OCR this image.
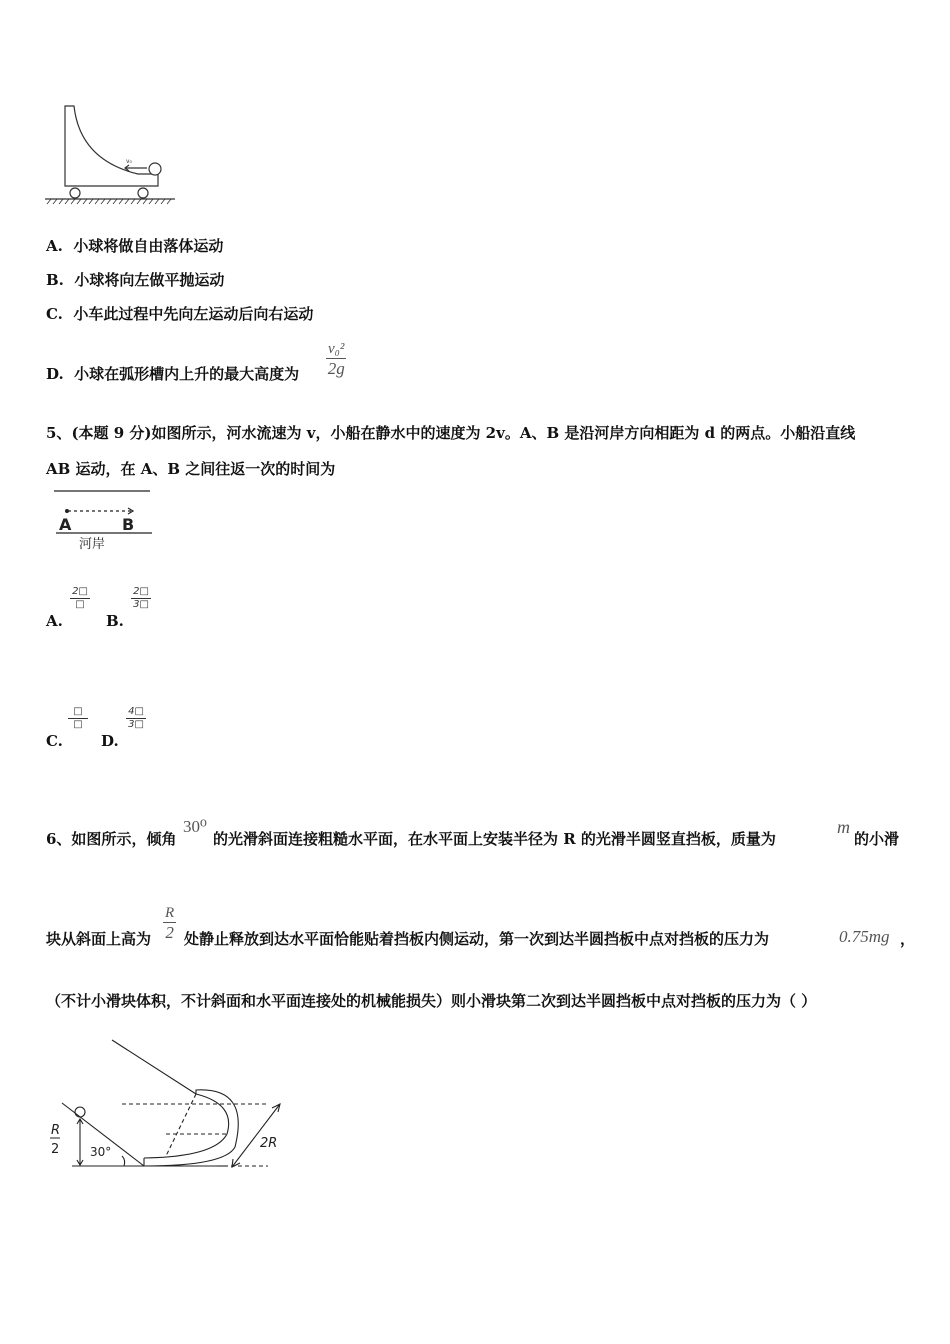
v₀
A. 小球将做自由落体运动
B. 小球将向左做平抛运动
C. 小车此过程中先向左运动后向右运动
D. 小球在弧形槽内上升的最大高度为 $\frac{\text{v₀²}}{2g}$
5、(本题 9 分)如图所示，河水流速为 v，小船在静水中的速度为 2v。A、B 是沿河岸方向相距为 d 的两点。小船沿直线
AB 运动，在 A、B 之间往返一次的时间为
A	B
河岸
A.
2□
□
B.
$\frac{2□}{3□}$
C.
□
□
D.
$\frac{4□}{3□}$
6、如图所示，倾角
30⁰
的光滑斜面连接粗糙水平面，在水平面上安装半径为 R 的光滑半圆竖直挡板，质量为
m
的小滑
块从斜面上高为 $\frac{R}{2}$ 处静止释放到达水平面恰能贴着挡板内侧运动，第一次到达半圆挡板中点对挡板的压力为	0.75mg ，
（不计小滑块体积，不计斜面和水平面连接处的机械能损失）则小滑块第二次到达半圆挡板中点对挡板的压力为（ ）
R
2	30°
2R
